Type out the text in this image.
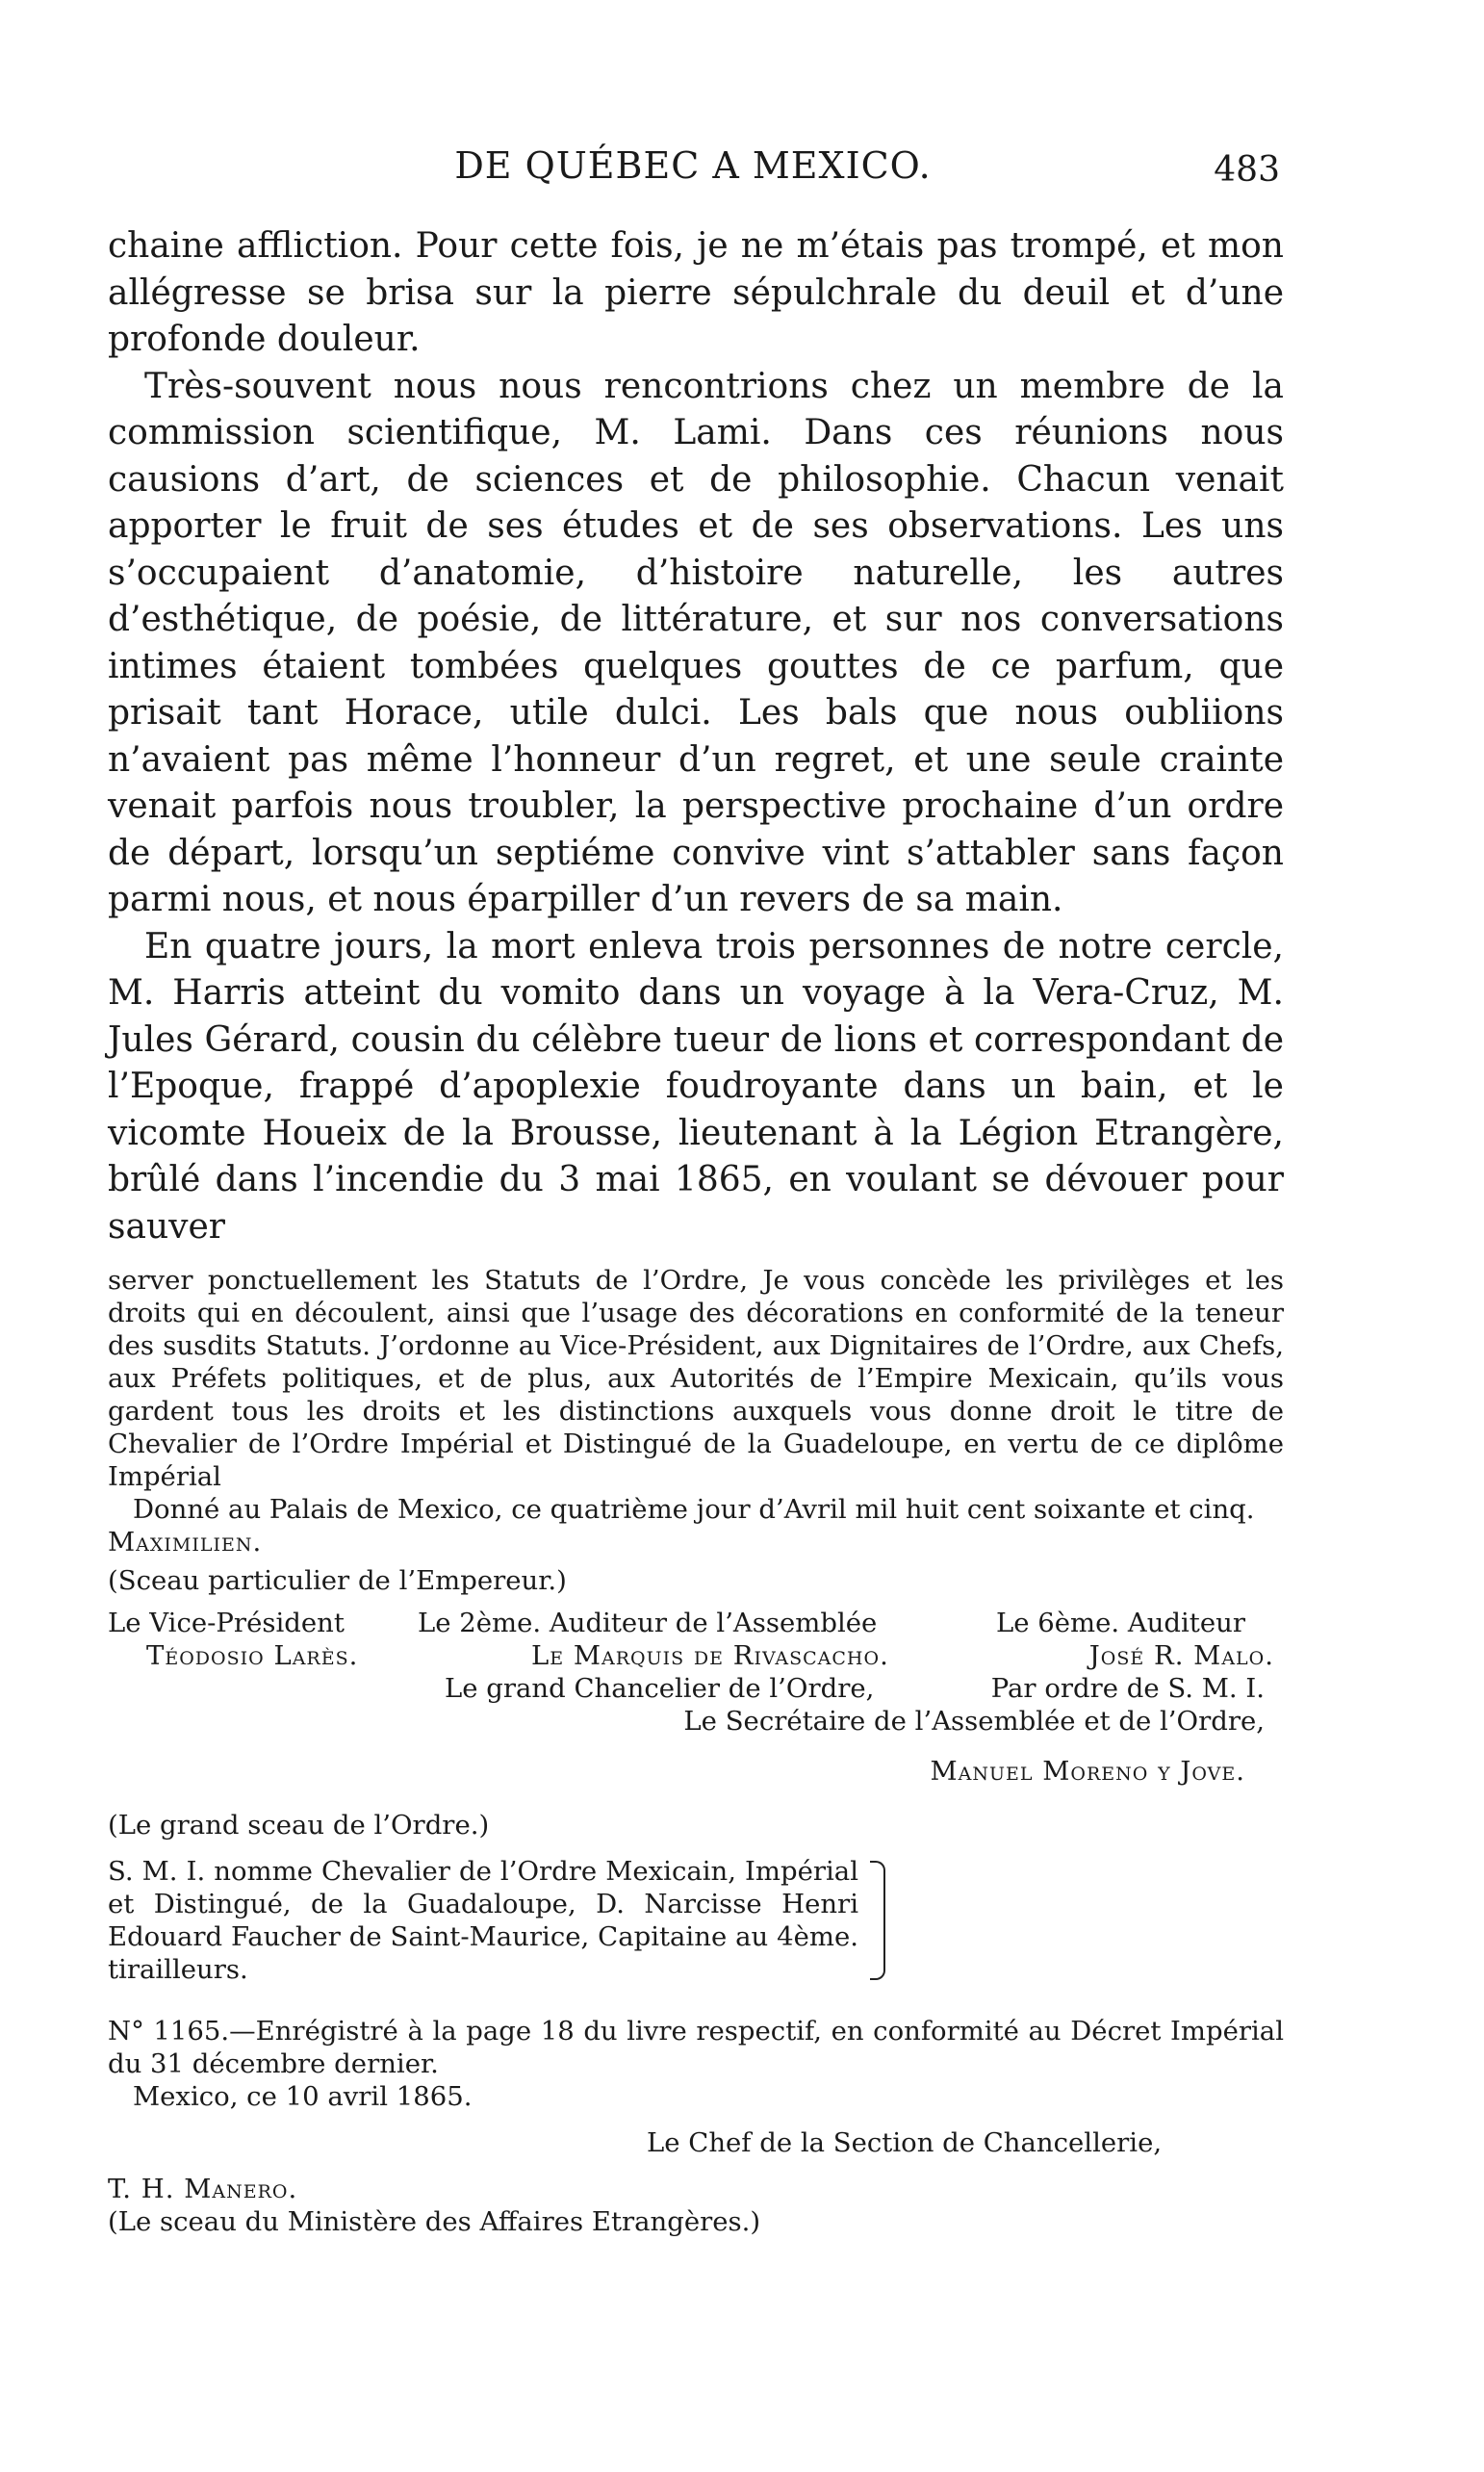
DE QUÉBEC A MEXICO.	483

chaine affliction. Pour cette fois, je ne m’étais pas trompé, et mon allégresse se brisa sur la pierre sépulchrale du deuil et d’une profonde douleur.

Très-souvent nous nous rencontrions chez un membre de la commission scientifique, M. Lami. Dans ces réunions nous causions d’art, de sciences et de philosophie. Chacun venait apporter le fruit de ses études et de ses observations. Les uns s’occupaient d’anatomie, d’histoire naturelle, les autres d’esthétique, de poésie, de littérature, et sur nos conversations intimes étaient tombées quelques gouttes de ce parfum, que prisait tant Horace, utile dulci. Les bals que nous oubliions n’avaient pas même l’honneur d’un regret, et une seule crainte venait parfois nous troubler, la perspective prochaine d’un ordre de départ, lorsqu’un septiéme convive vint s’attabler sans façon parmi nous, et nous éparpiller d’un revers de sa main.

En quatre jours, la mort enleva trois personnes de notre cercle, M. Harris atteint du vomito dans un voyage à la Vera-Cruz, M. Jules Gérard, cousin du célèbre tueur de lions et correspondant de l’Epoque, frappé d’apoplexie foudroyante dans un bain, et le vicomte Houeix de la Brousse, lieutenant à la Légion Etrangère, brûlé dans l’incendie du 3 mai 1865, en voulant se dévouer pour sauver

server ponctuellement les Statuts de l’Ordre, Je vous concède les privilèges et les droits qui en découlent, ainsi que l’usage des décorations en conformité de la teneur des susdits Statuts. J’ordonne au Vice-Président, aux Dignitaires de l’Ordre, aux Chefs, aux Préfets politiques, et de plus, aux Autorités de l’Empire Mexicain, qu’ils vous gardent tous les droits et les distinctions auxquels vous donne droit le titre de Chevalier de l’Ordre Impérial et Distingué de la Guadeloupe, en vertu de ce diplôme Impérial

Donné au Palais de Mexico, ce quatrième jour d’Avril mil huit cent soixante et cinq.

Maximilien.

(Sceau particulier de l’Empereur.)

Le Vice-Président	Le 2ème. Auditeur de l’Assemblée	Le 6ème. Auditeur
Téodosio Larès.	Le Marquis de Rivascacho.	José R. Malo.
Le grand Chancelier de l’Ordre,	Par ordre de S. M. I.
Le Secrétaire de l’Assemblée et de l’Ordre,
Manuel Moreno y Jove.

(Le grand sceau de l’Ordre.)

S. M. I. nomme Chevalier de l’Ordre Mexicain, Impérial et Distingué, de la Guadaloupe, D. Narcisse Henri Edouard Faucher de Saint-Maurice, Capitaine au 4ème. tirailleurs.

N° 1165.—Enrégistré à la page 18 du livre respectif, en conformité au Décret Impérial du 31 décembre dernier.

Mexico, ce 10 avril 1865.

Le Chef de la Section de Chancellerie,

T. H. Manero.

(Le sceau du Ministère des Affaires Etrangères.)
